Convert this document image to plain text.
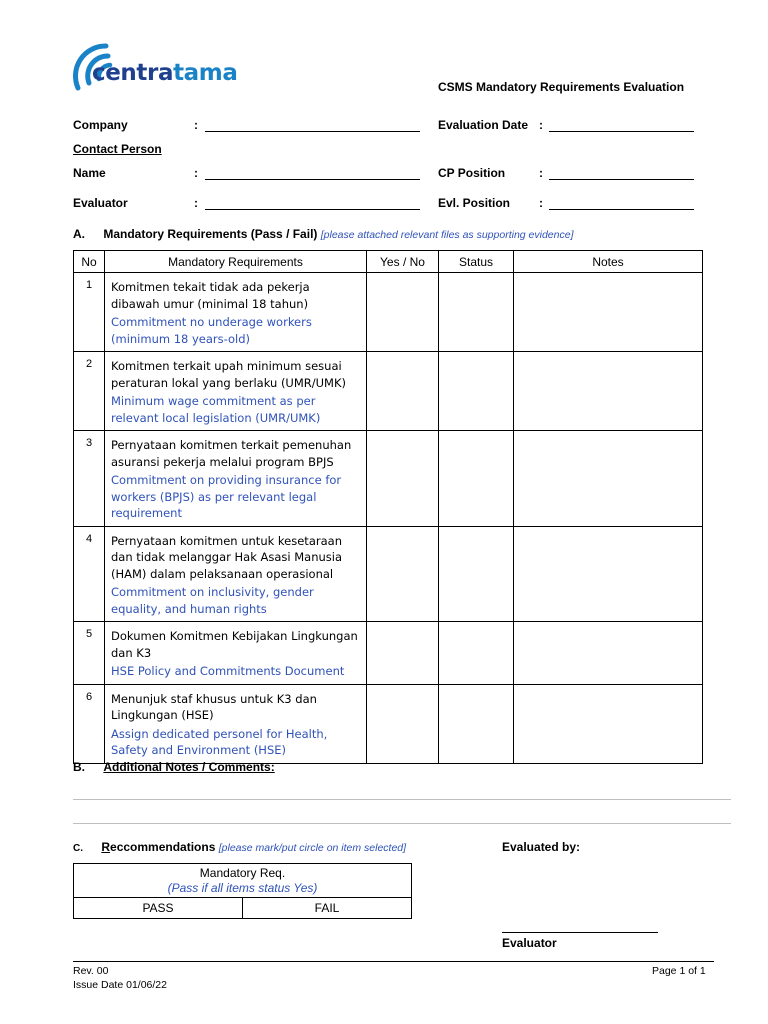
centratama
CSMS Mandatory Requirements Evaluation
Company	:	Evaluation Date :
Contact Person
Name	:	CP Position	:
Evaluator	:	Evl. Position :
A. Mandatory Requirements (Pass / Fail) [please attached relevant files as supporting evidence]
No	Mandatory Requirements	Yes / No	Status	Notes
1	Komitmen tekait tidak ada pekerja dibawah umur (minimal 18 tahun)
Commitment no underage workers (minimum 18 years-old)			

2	Komitmen terkait upah minimum sesuai peraturan lokal yang berlaku (UMR/UMK)
Minimum wage commitment as per relevant local legislation (UMR/UMK)			

3	Pernyataan komitmen terkait pemenuhan asuransi pekerja melalui program BPJS
Commitment on providing insurance for workers (BPJS) as per relevant legal requirement			

4	Pernyataan komitmen untuk kesetaraan dan tidak melanggar Hak Asasi Manusia (HAM) dalam pelaksanaan operasional
Commitment on inclusivity, gender equality, and human rights			

5	Dokumen Komitmen Kebijakan Lingkungan dan K3
HSE Policy and Commitments Document			

6	Menunjuk staf khusus untuk K3 dan Lingkungan (HSE)
Assign dedicated personel for Health, Safety and Environment (HSE)			

B. Additional Notes / Comments:
C. Reccommendations [please mark/put circle on item selected]	Evaluated by:
Mandatory Req.
(Pass if all items status Yes)
PASS	FAIL
Evaluator
Rev. 00
Issue Date 01/06/22
Page 1 of 1
